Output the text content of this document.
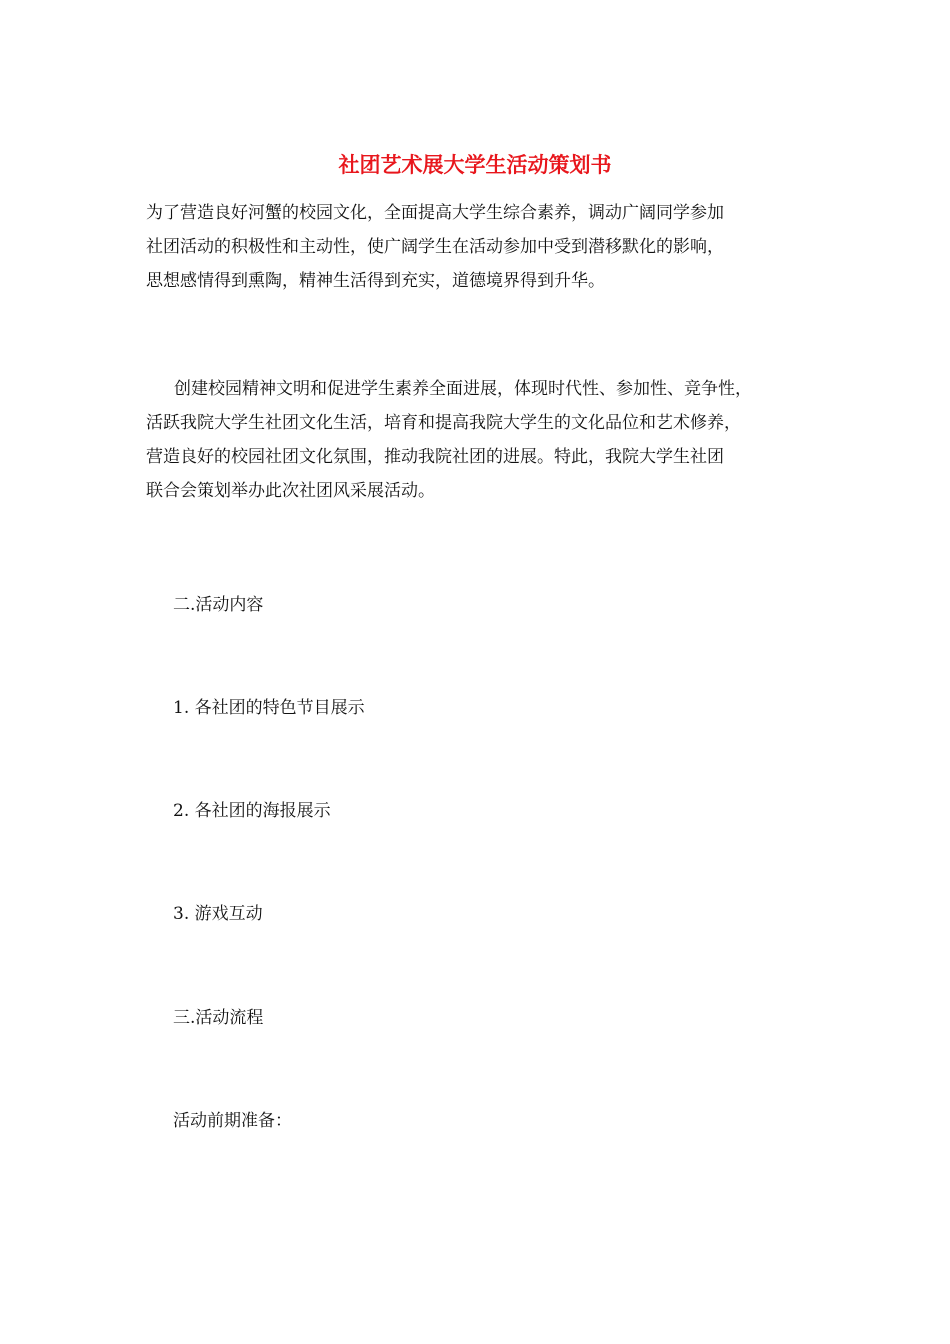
社团艺术展大学生活动策划书
为了营造良好河蟹的校园文化，全面提高大学生综合素养，调动广阔同学参加
社团活动的积极性和主动性，使广阔学生在活动参加中受到潜移默化的影响，
思想感情得到熏陶，精神生活得到充实，道德境界得到升华。
创建校园精神文明和促进学生素养全面进展，体现时代性、参加性、竞争性，
活跃我院大学生社团文化生活，培育和提高我院大学生的文化品位和艺术修养，
营造良好的校园社团文化氛围，推动我院社团的进展。特此，我院大学生社团
联合会策划举办此次社团风采展活动。

二.活动内容

1. 各社团的特色节目展示

2. 各社团的海报展示

3. 游戏互动

三.活动流程

活动前期准备：
